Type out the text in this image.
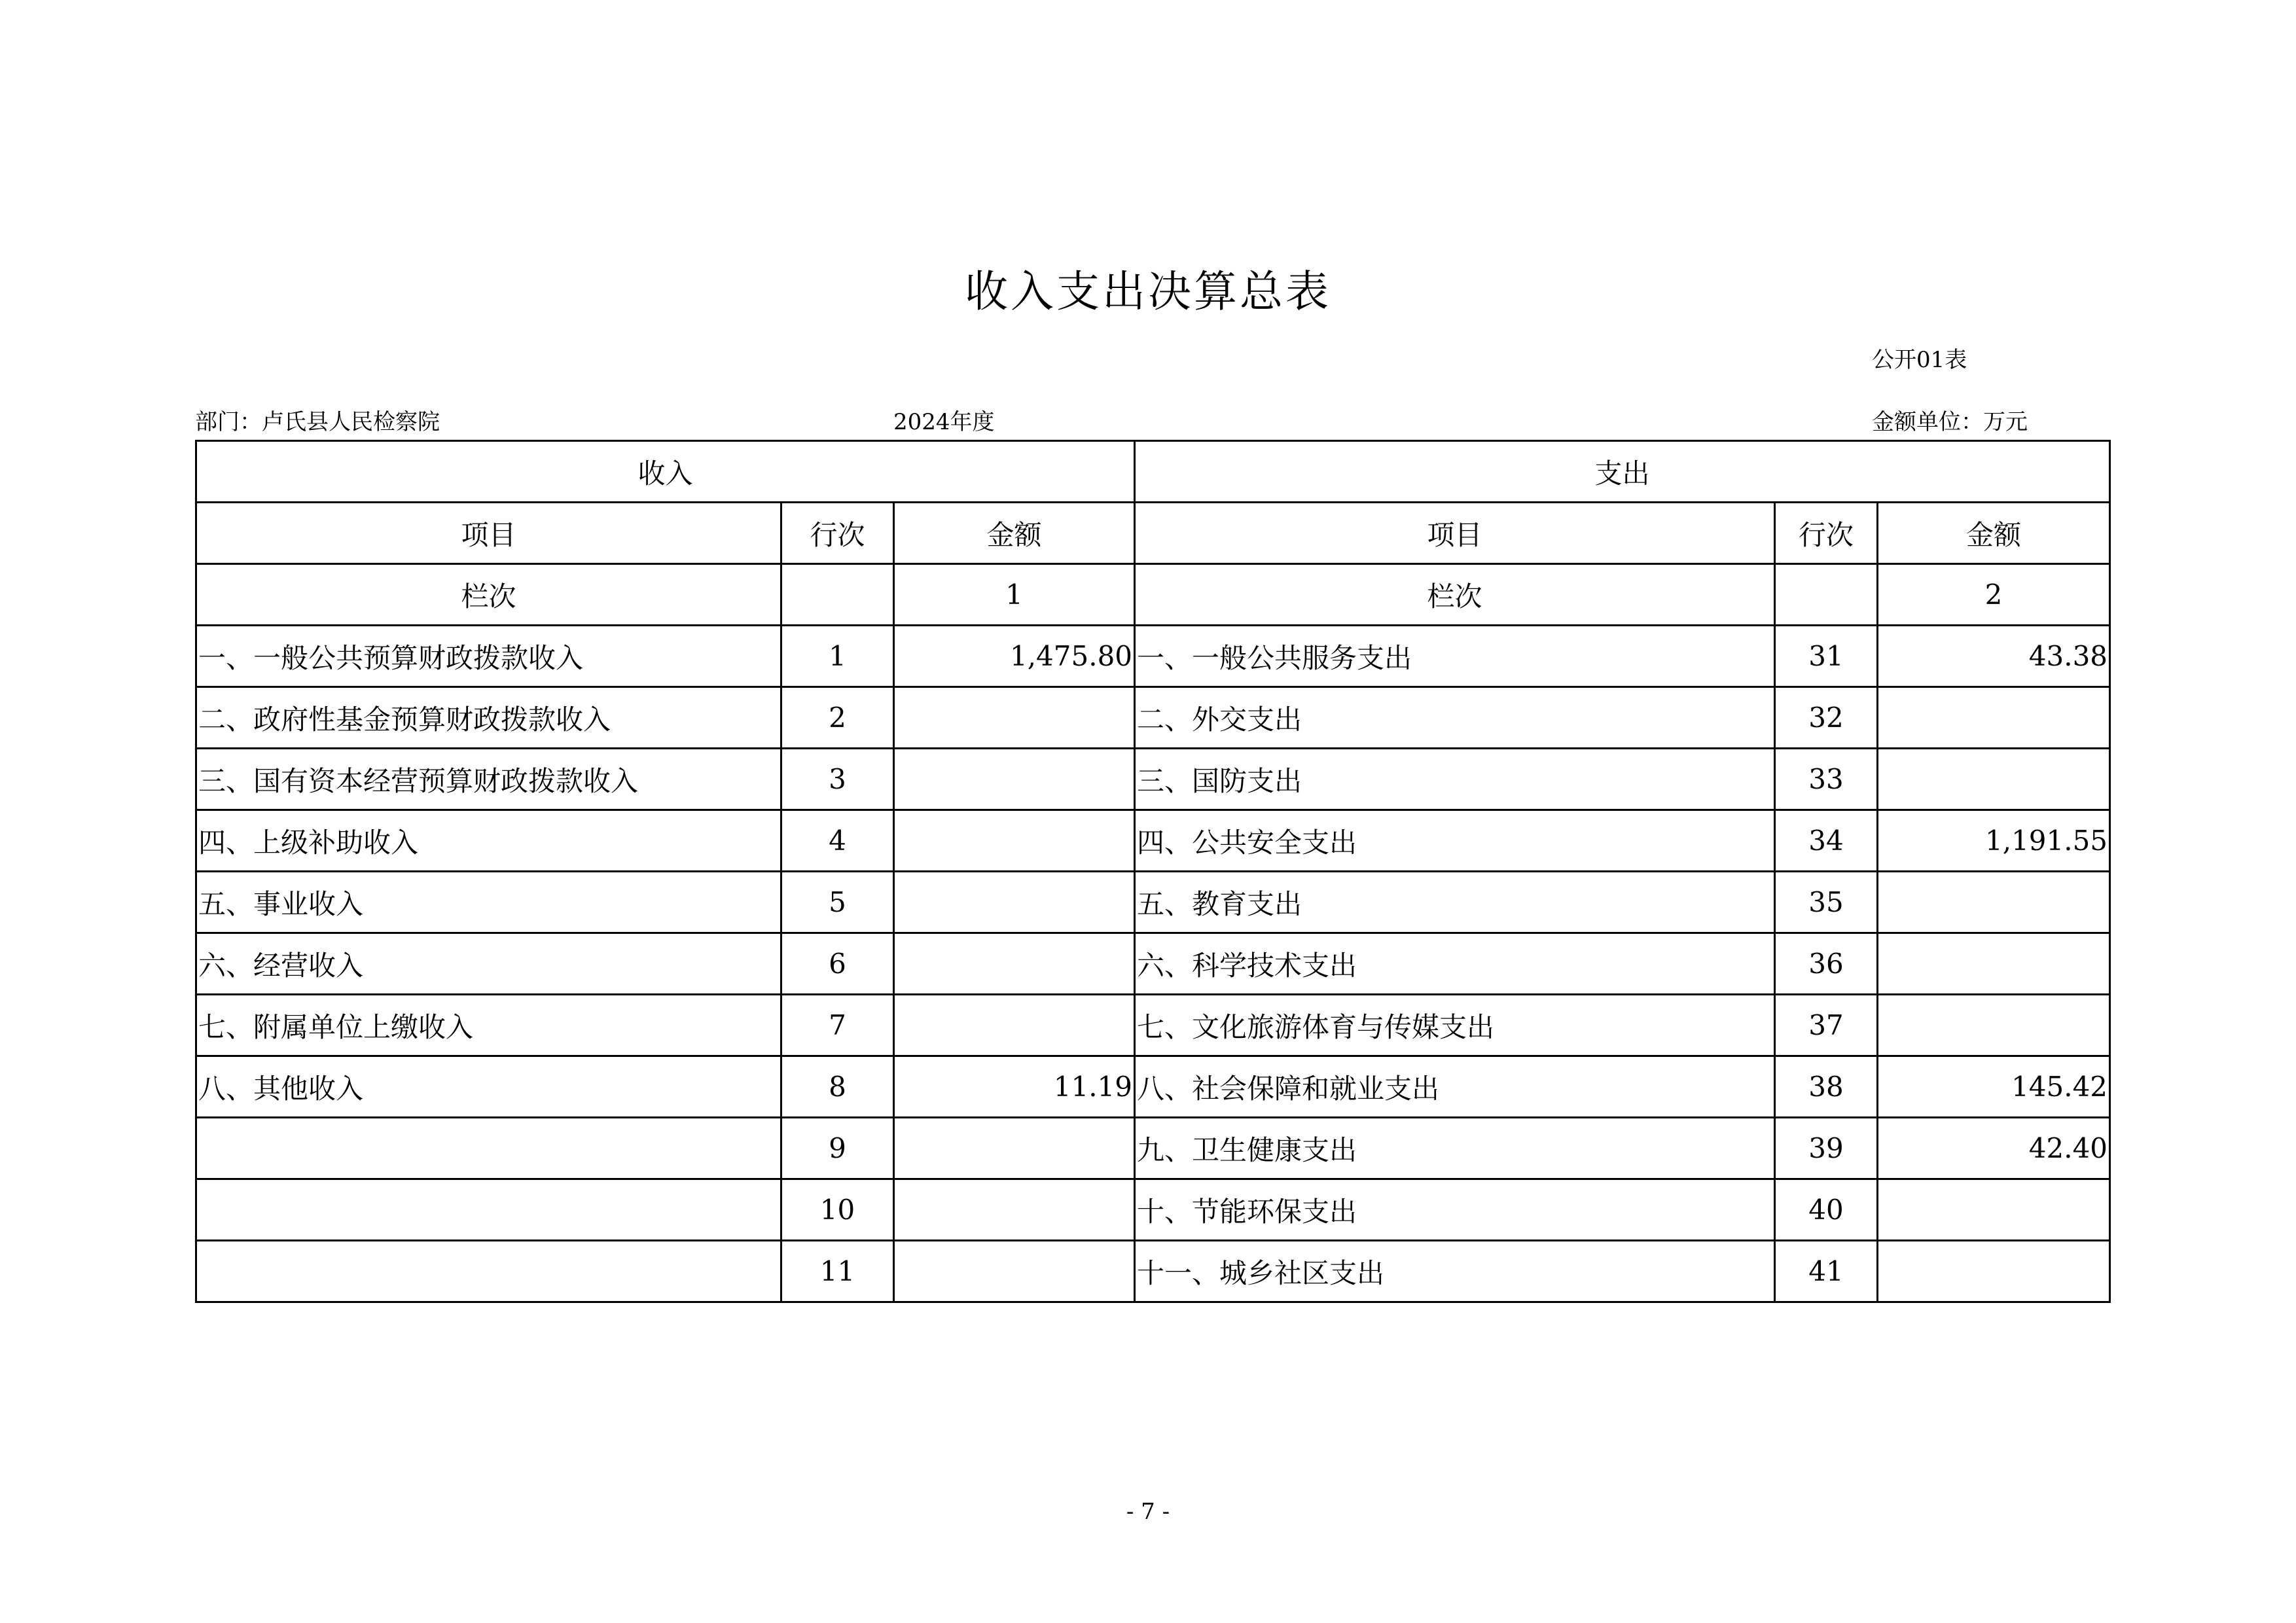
收入支出决算总表
公开01表
部门：卢氏县人民检察院	2024年度	金额单位：万元
收入			支出		
项目	行次	金额	项目	行次	金额
栏次		1	栏次		2
一、一般公共预算财政拨款收入	1	1,475.80	一、一般公共服务支出	31	43.38
二、政府性基金预算财政拨款收入	2		二、外交支出	32	
三、国有资本经营预算财政拨款收入	3		三、国防支出	33	
四、上级补助收入	4		四、公共安全支出	34	1,191.55
五、事业收入	5		五、教育支出	35	
六、经营收入	6		六、科学技术支出	36	
七、附属单位上缴收入	7		七、文化旅游体育与传媒支出	37	
八、其他收入	8	11.19	八、社会保障和就业支出	38	145.42
	9		九、卫生健康支出	39	42.40
	10		十、节能环保支出	40	
	11		十一、城乡社区支出	41	
- 7 -
